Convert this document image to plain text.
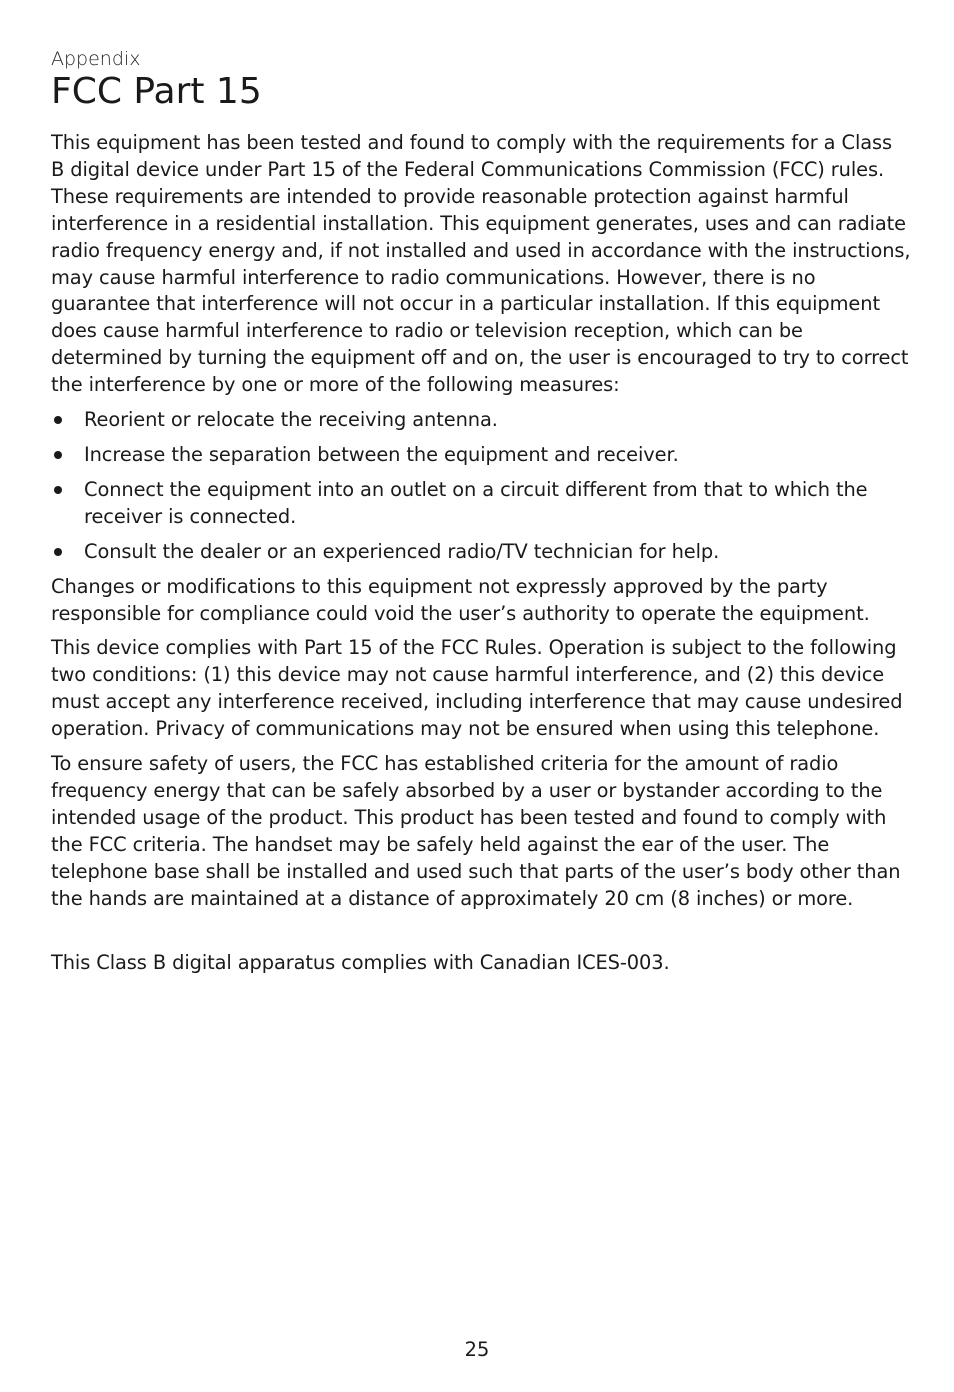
Appendix

FCC Part 15

This equipment has been tested and found to comply with the requirements for a Class B digital device under Part 15 of the Federal Communications Commission (FCC) rules. These requirements are intended to provide reasonable protection against harmful interference in a residential installation. This equipment generates, uses and can radiate radio frequency energy and, if not installed and used in accordance with the instructions, may cause harmful interference to radio communications. However, there is no guarantee that interference will not occur in a particular installation. If this equipment does cause harmful interference to radio or television reception, which can be determined by turning the equipment off and on, the user is encouraged to try to correct the interference by one or more of the following measures:

Reorient or relocate the receiving antenna.
Increase the separation between the equipment and receiver.
Connect the equipment into an outlet on a circuit different from that to which the receiver is connected.
Consult the dealer or an experienced radio/TV technician for help.

Changes or modifications to this equipment not expressly approved by the party responsible for compliance could void the user’s authority to operate the equipment.

This device complies with Part 15 of the FCC Rules. Operation is subject to the following two conditions: (1) this device may not cause harmful interference, and (2) this device must accept any interference received, including interference that may cause undesired operation. Privacy of communications may not be ensured when using this telephone.

To ensure safety of users, the FCC has established criteria for the amount of radio frequency energy that can be safely absorbed by a user or bystander according to the intended usage of the product. This product has been tested and found to comply with the FCC criteria. The handset may be safely held against the ear of the user. The telephone base shall be installed and used such that parts of the user’s body other than the hands are maintained at a distance of approximately 20 cm (8 inches) or more.

This Class B digital apparatus complies with Canadian ICES-003.

25
